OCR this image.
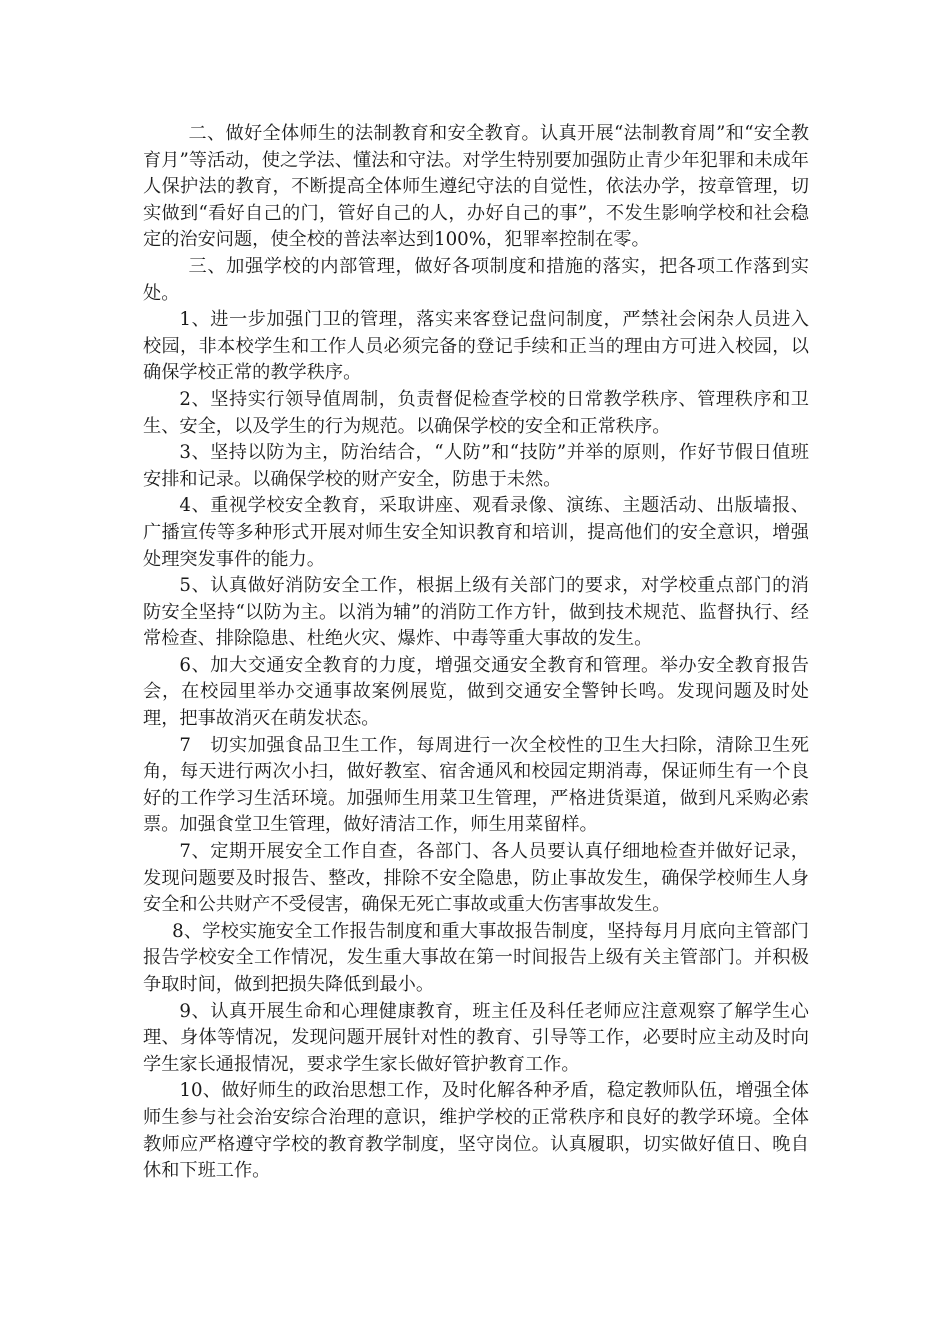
二、做好全体师生的法制教育和安全教育。认真开展“法制教育周”和“安全教育月”等活动，使之学法、懂法和守法。对学生特别要加强防止青少年犯罪和未成年人保护法的教育，不断提高全体师生遵纪守法的自觉性，依法办学，按章管理，切实做到“看好自己的门，管好自己的人，办好自己的事”，不发生影响学校和社会稳定的治安问题，使全校的普法率达到100%，犯罪率控制在零。

三、加强学校的内部管理，做好各项制度和措施的落实，把各项工作落到实处。

1、进一步加强门卫的管理，落实来客登记盘问制度，严禁社会闲杂人员进入校园，非本校学生和工作人员必须完备的登记手续和正当的理由方可进入校园，以确保学校正常的教学秩序。

2、坚持实行领导值周制，负责督促检查学校的日常教学秩序、管理秩序和卫生、安全，以及学生的行为规范。以确保学校的安全和正常秩序。

3、坚持以防为主，防治结合，“人防”和“技防”并举的原则，作好节假日值班安排和记录。以确保学校的财产安全，防患于未然。

4、重视学校安全教育，采取讲座、观看录像、演练、主题活动、出版墙报、广播宣传等多种形式开展对师生安全知识教育和培训，提高他们的安全意识，增强处理突发事件的能力。

5、认真做好消防安全工作，根据上级有关部门的要求，对学校重点部门的消防安全坚持“以防为主。以消为辅”的消防工作方针，做到技术规范、监督执行、经常检查、排除隐患、杜绝火灾、爆炸、中毒等重大事故的发生。

6、加大交通安全教育的力度，增强交通安全教育和管理。举办安全教育报告会，在校园里举办交通事故案例展览，做到交通安全警钟长鸣。发现问题及时处理，把事故消灭在萌发状态。

7　切实加强食品卫生工作，每周进行一次全校性的卫生大扫除，清除卫生死角，每天进行两次小扫，做好教室、宿舍通风和校园定期消毒，保证师生有一个良好的工作学习生活环境。加强师生用菜卫生管理，严格进货渠道，做到凡采购必索票。加强食堂卫生管理，做好清洁工作，师生用菜留样。

7、定期开展安全工作自查，各部门、各人员要认真仔细地检查并做好记录，发现问题要及时报告、整改，排除不安全隐患，防止事故发生，确保学校师生人身安全和公共财产不受侵害，确保无死亡事故或重大伤害事故发生。

8、学校实施安全工作报告制度和重大事故报告制度，坚持每月月底向主管部门报告学校安全工作情况，发生重大事故在第一时间报告上级有关主管部门。并积极争取时间，做到把损失降低到最小。

9、认真开展生命和心理健康教育，班主任及科任老师应注意观察了解学生心理、身体等情况，发现问题开展针对性的教育、引导等工作，必要时应主动及时向学生家长通报情况，要求学生家长做好管护教育工作。

10、做好师生的政治思想工作，及时化解各种矛盾，稳定教师队伍，增强全体师生参与社会治安综合治理的意识，维护学校的正常秩序和良好的教学环境。全体教师应严格遵守学校的教育教学制度，坚守岗位。认真履职，切实做好值日、晚自休和下班工作。
